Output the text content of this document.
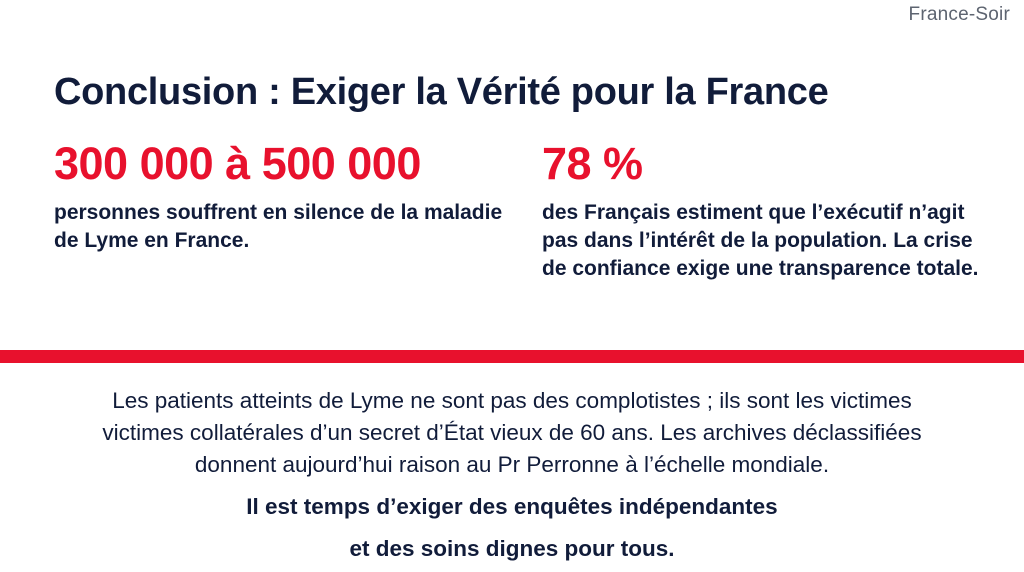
France-Soir
Conclusion : Exiger la Vérité pour la France
300 000 à 500 000
personnes souffrent en silence de la maladie de Lyme en France.
78 %
des Français estiment que l’exécutif n’agit pas dans l’intérêt de la population. La crise de confiance exige une transparence totale.
Les patients atteints de Lyme ne sont pas des complotistes ; ils sont les victimes
victimes collatérales d’un secret d’État vieux de 60 ans. Les archives déclassifiées
donnent aujourd’hui raison au Pr Perronne à l’échelle mondiale.
Il est temps d’exiger des enquêtes indépendantes
et des soins dignes pour tous.
